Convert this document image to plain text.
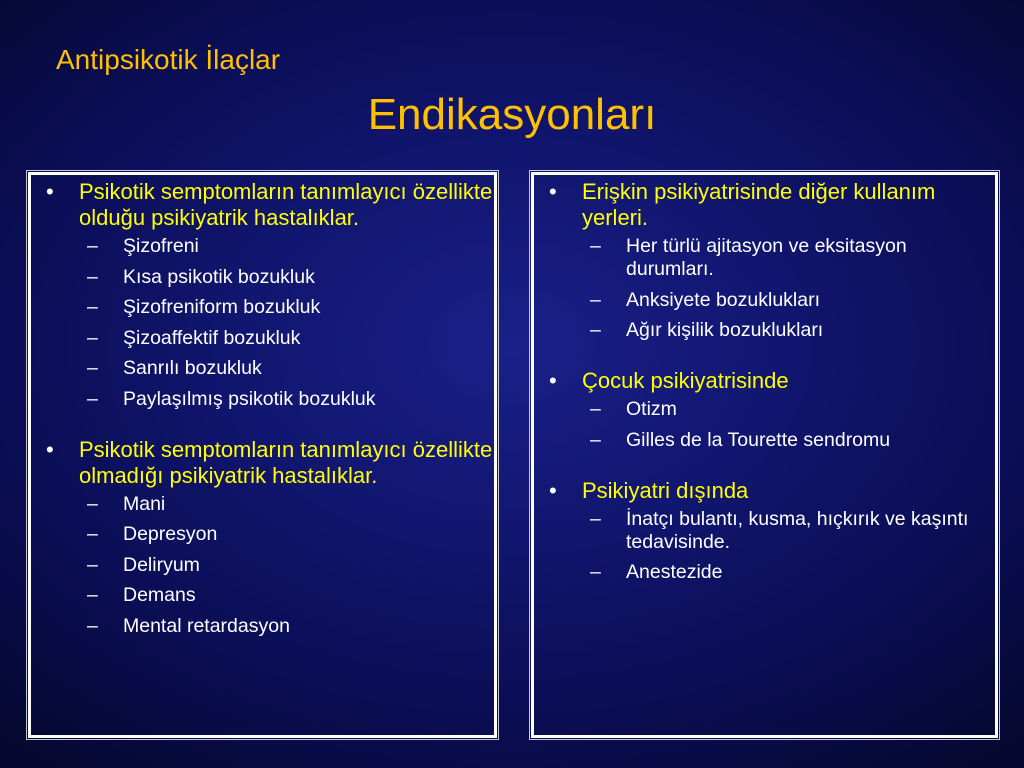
Antipsikotik İlaçlar
Endikasyonları
• Psikotik semptomların tanımlayıcı özellikte olduğu psikiyatrik hastalıklar.
– Şizofreni
– Kısa psikotik bozukluk
– Şizofreniform bozukluk
– Şizoaffektif bozukluk
– Sanrılı bozukluk
– Paylaşılmış psikotik bozukluk
• Psikotik semptomların tanımlayıcı özellikte olmadığı psikiyatrik hastalıklar.
– Mani
– Depresyon
– Deliryum
– Demans
– Mental retardasyon
• Erişkin psikiyatrisinde diğer kullanım yerleri.
– Her türlü ajitasyon ve eksitasyon durumları.
– Anksiyete bozuklukları
– Ağır kişilik bozuklukları
• Çocuk psikiyatrisinde
– Otizm
– Gilles de la Tourette sendromu
• Psikiyatri dışında
– İnatçı bulantı, kusma, hıçkırık ve kaşıntı tedavisinde.
– Anestezide
